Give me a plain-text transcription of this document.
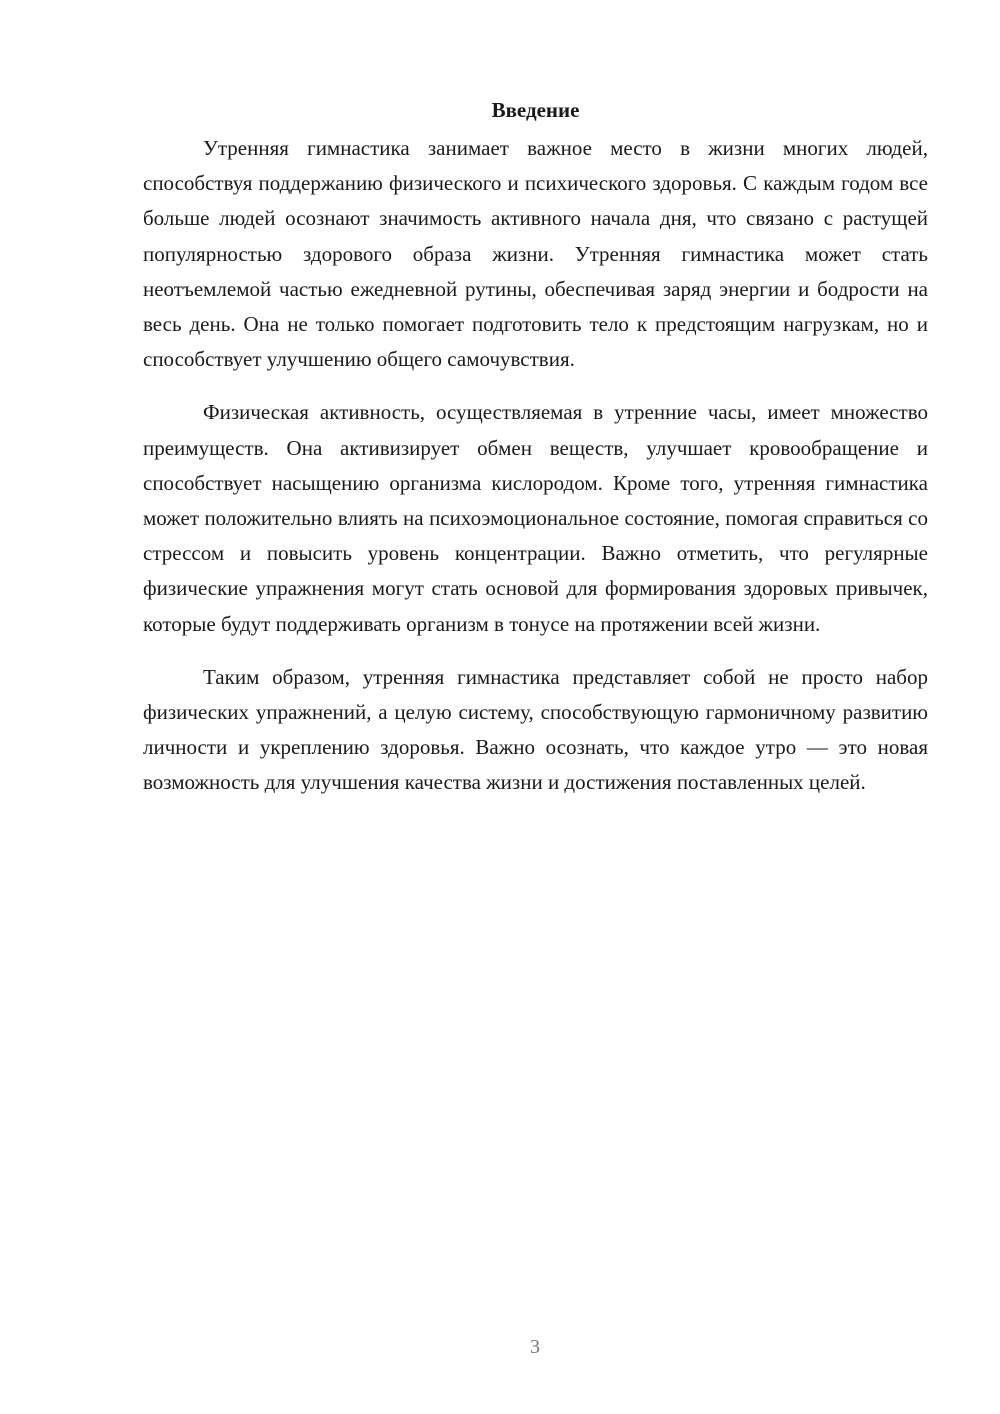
Введение

Утренняя гимнастика занимает важное место в жизни многих людей, способствуя поддержанию физического и психического здоровья. С каждым годом все больше людей осознают значимость активного начала дня, что связано с растущей популярностью здорового образа жизни. Утренняя гимнастика может стать неотъемлемой частью ежедневной рутины, обеспечивая заряд энергии и бодрости на весь день. Она не только помогает подготовить тело к предстоящим нагрузкам, но и способствует улучшению общего самочувствия.

Физическая активность, осуществляемая в утренние часы, имеет множество преимуществ. Она активизирует обмен веществ, улучшает кровообращение и способствует насыщению организма кислородом. Кроме того, утренняя гимнастика может положительно влиять на психоэмоциональное состояние, помогая справиться со стрессом и повысить уровень концентрации. Важно отметить, что регулярные физические упражнения могут стать основой для формирования здоровых привычек, которые будут поддерживать организм в тонусе на протяжении всей жизни.

Таким образом, утренняя гимнастика представляет собой не просто набор физических упражнений, а целую систему, способствующую гармоничному развитию личности и укреплению здоровья. Важно осознать, что каждое утро — это новая возможность для улучшения качества жизни и достижения поставленных целей.

3
